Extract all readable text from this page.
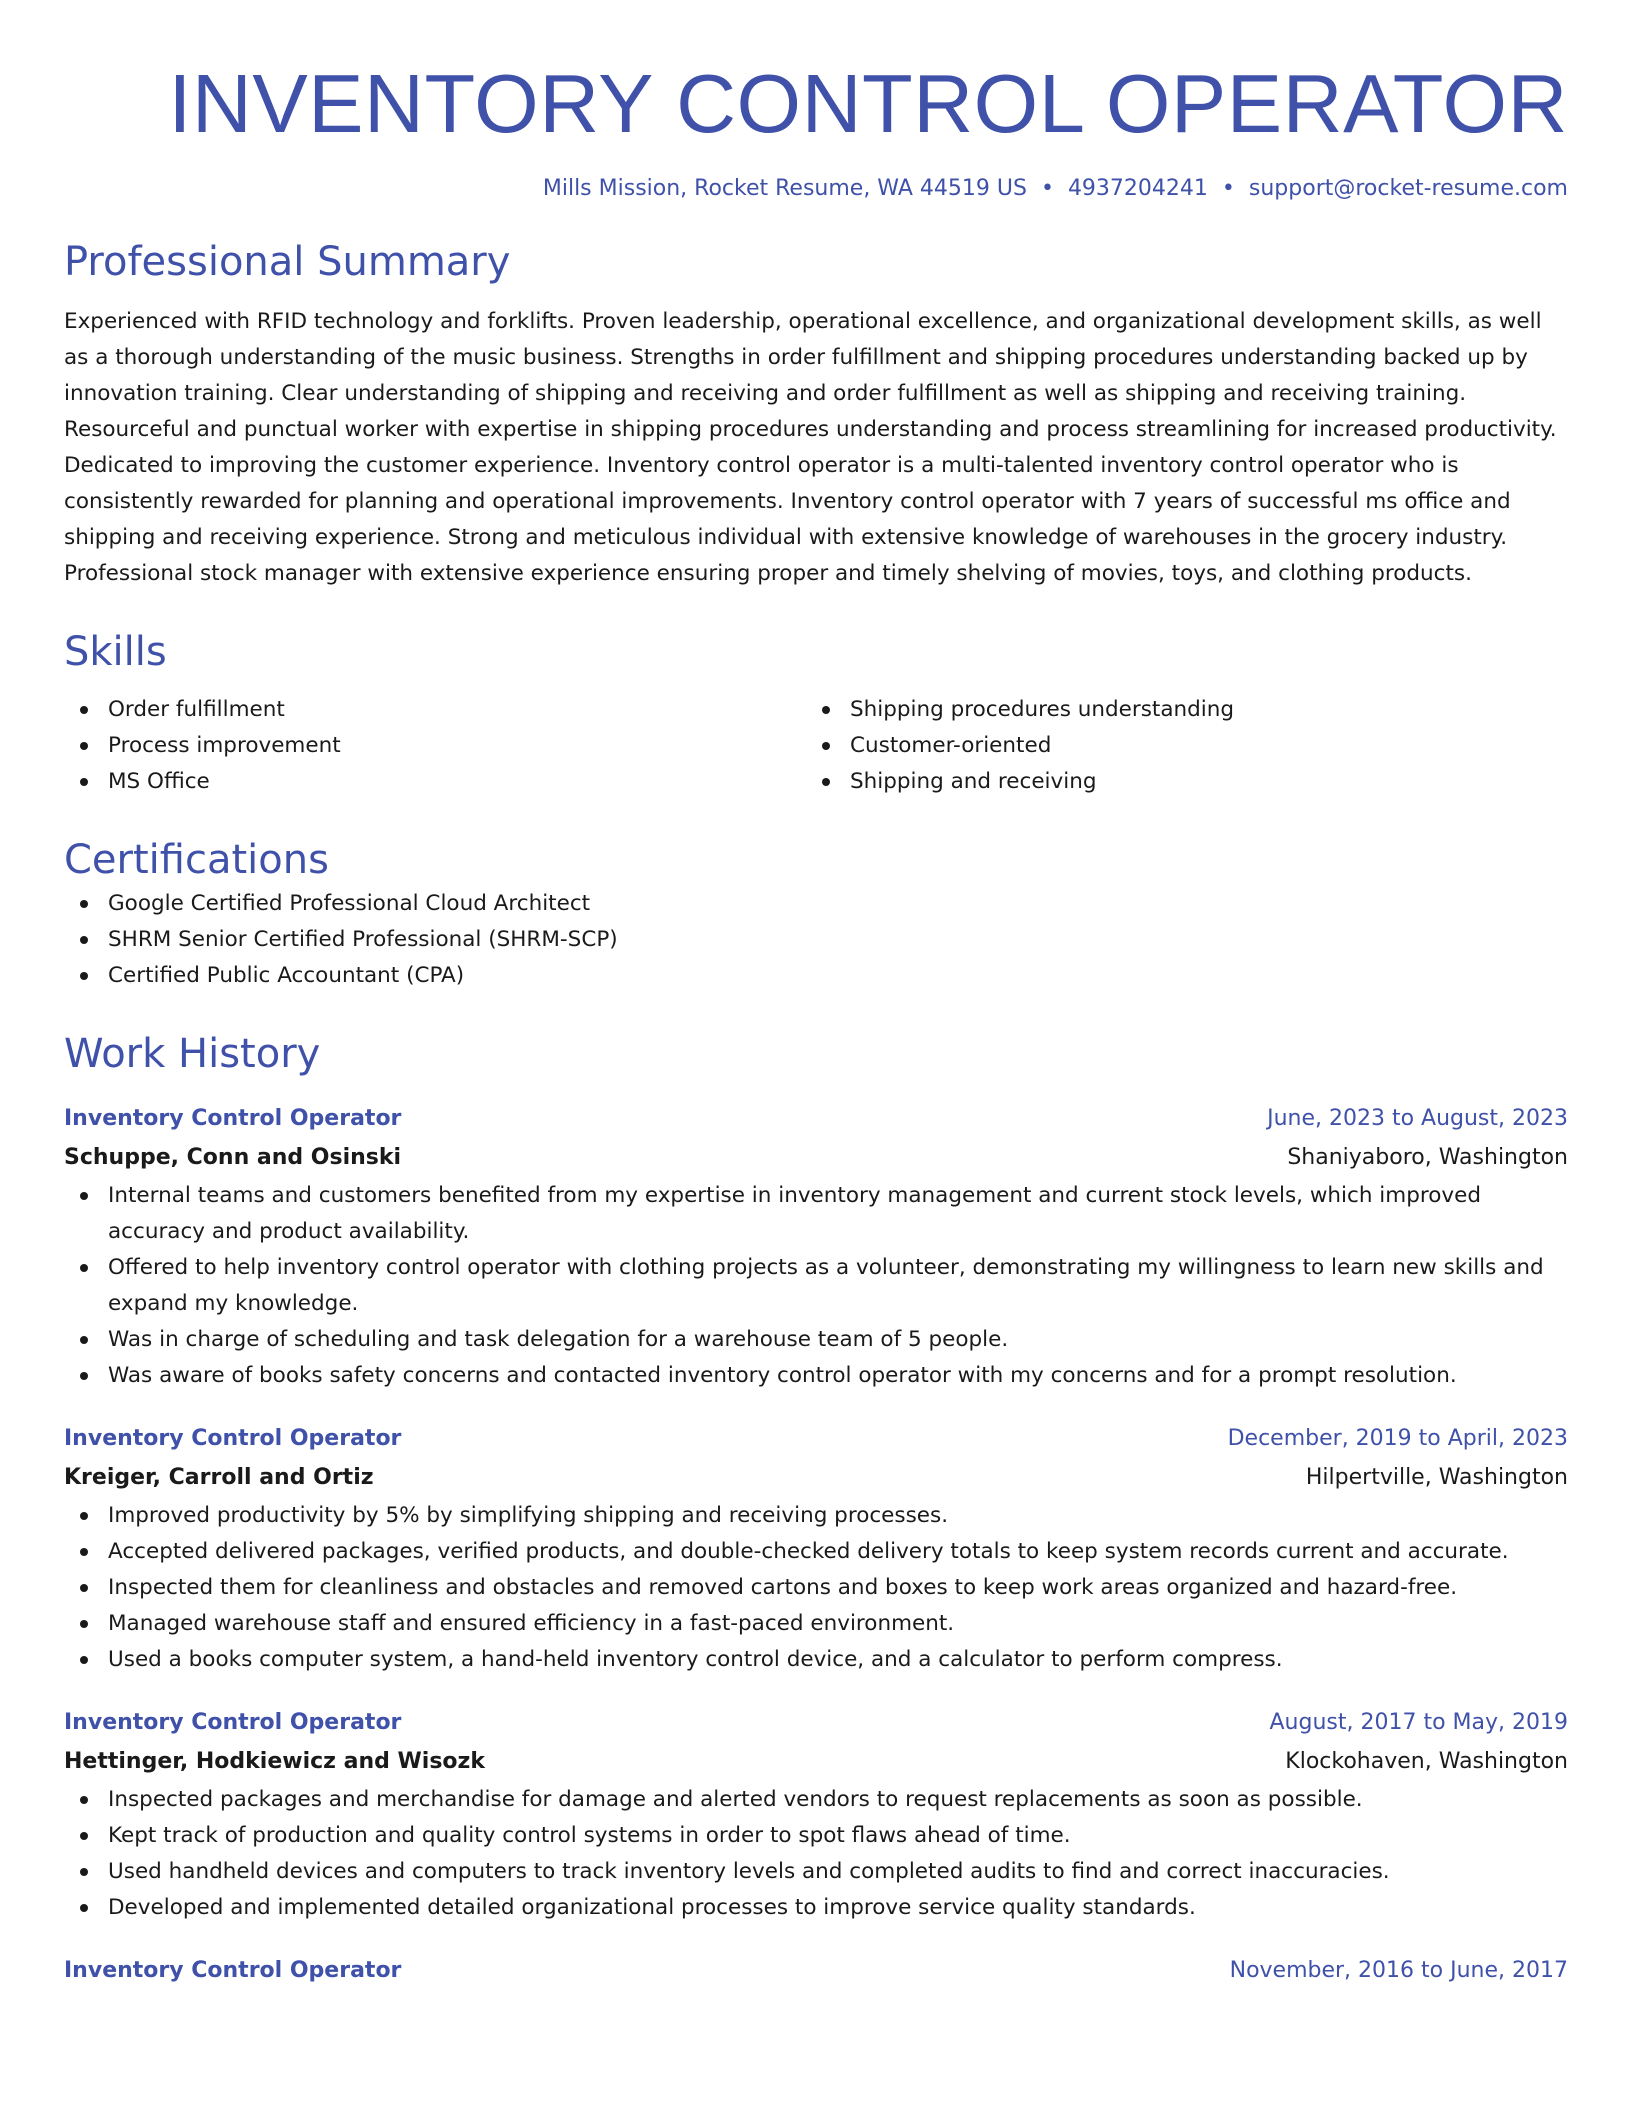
INVENTORY CONTROL OPERATOR
Mills Mission, Rocket Resume, WA 44519 US • 4937204241 • support@rocket-resume.com
Professional Summary

Experienced with RFID technology and forklifts. Proven leadership, operational excellence, and organizational development skills, as well as a thorough understanding of the music business. Strengths in order fulfillment and shipping procedures understanding backed up by innovation training. Clear understanding of shipping and receiving and order fulfillment as well as shipping and receiving training. Resourceful and punctual worker with expertise in shipping procedures understanding and process streamlining for increased productivity. Dedicated to improving the customer experience. Inventory control operator is a multi-talented inventory control operator who is consistently rewarded for planning and operational improvements. Inventory control operator with 7 years of successful ms office and shipping and receiving experience. Strong and meticulous individual with extensive knowledge of warehouses in the grocery industry. Professional stock manager with extensive experience ensuring proper and timely shelving of movies, toys, and clothing products.

Skills
Order fulfillment
Process improvement
MS Office
Shipping procedures understanding
Customer-oriented
Shipping and receiving
Certifications
Google Certified Professional Cloud Architect
SHRM Senior Certified Professional (SHRM-SCP)
Certified Public Accountant (CPA)
Work History
Inventory Control Operator	June, 2023 to August, 2023
Schuppe, Conn and Osinski	Shaniyaboro, Washington
Internal teams and customers benefited from my expertise in inventory management and current stock levels, which improved accuracy and product availability.
Offered to help inventory control operator with clothing projects as a volunteer, demonstrating my willingness to learn new skills and expand my knowledge.
Was in charge of scheduling and task delegation for a warehouse team of 5 people.
Was aware of books safety concerns and contacted inventory control operator with my concerns and for a prompt resolution.
Inventory Control Operator	December, 2019 to April, 2023
Kreiger, Carroll and Ortiz	Hilpertville, Washington
Improved productivity by 5% by simplifying shipping and receiving processes.
Accepted delivered packages, verified products, and double-checked delivery totals to keep system records current and accurate.
Inspected them for cleanliness and obstacles and removed cartons and boxes to keep work areas organized and hazard-free.
Managed warehouse staff and ensured efficiency in a fast-paced environment.
Used a books computer system, a hand-held inventory control device, and a calculator to perform compress.
Inventory Control Operator	August, 2017 to May, 2019
Hettinger, Hodkiewicz and Wisozk	Klockohaven, Washington
Inspected packages and merchandise for damage and alerted vendors to request replacements as soon as possible.
Kept track of production and quality control systems in order to spot flaws ahead of time.
Used handheld devices and computers to track inventory levels and completed audits to find and correct inaccuracies.
Developed and implemented detailed organizational processes to improve service quality standards.
Inventory Control Operator	November, 2016 to June, 2017
